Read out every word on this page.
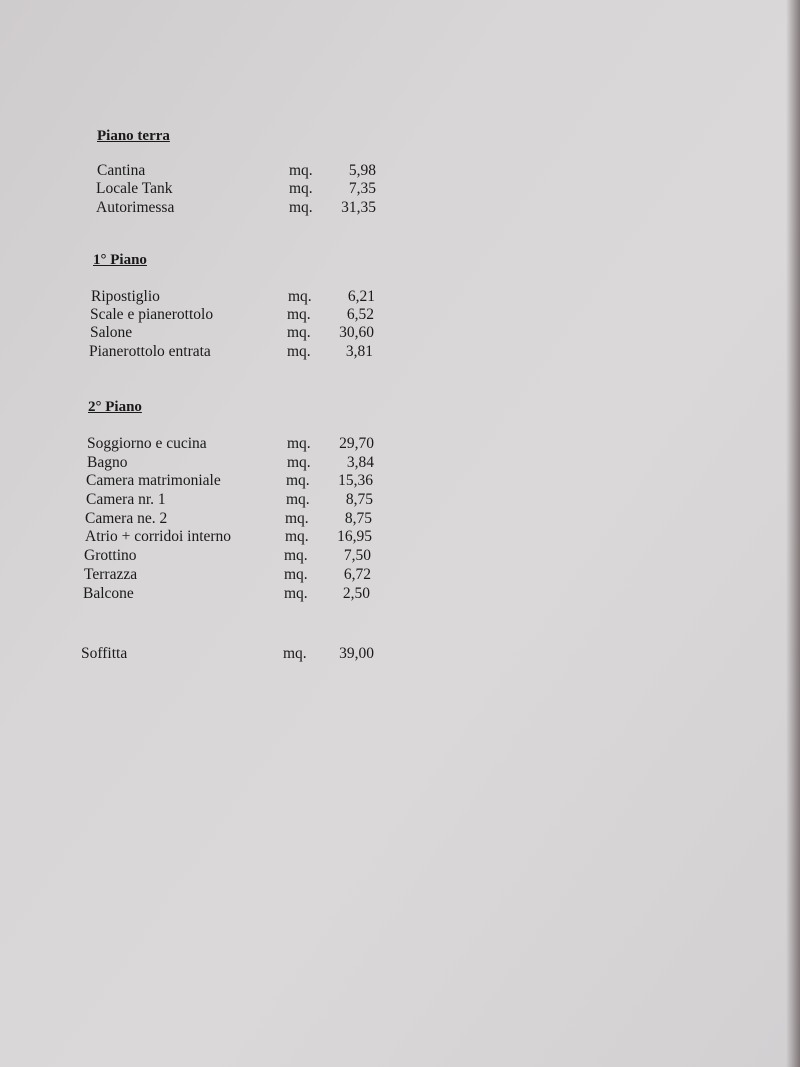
Piano terra
Cantina	mq.	5,98
Locale Tank	mq.	7,35
Autorimessa	mq.	31,35
1° Piano
Ripostiglio	mq.	6,21
Scale e pianerottolo	mq.	6,52
Salone	mq.	30,60
Pianerottolo entrata	mq.	3,81
2° Piano
Soggiorno e cucina	mq.	29,70
Bagno	mq.	3,84
Camera matrimoniale	mq.	15,36
Camera nr. 1	mq.	8,75
Camera ne. 2	mq.	8,75
Atrio + corridoi interno	mq.	16,95
Grottino	mq.	7,50
Terrazza	mq.	6,72
Balcone	mq.	2,50
Soffitta	mq.	39,00
